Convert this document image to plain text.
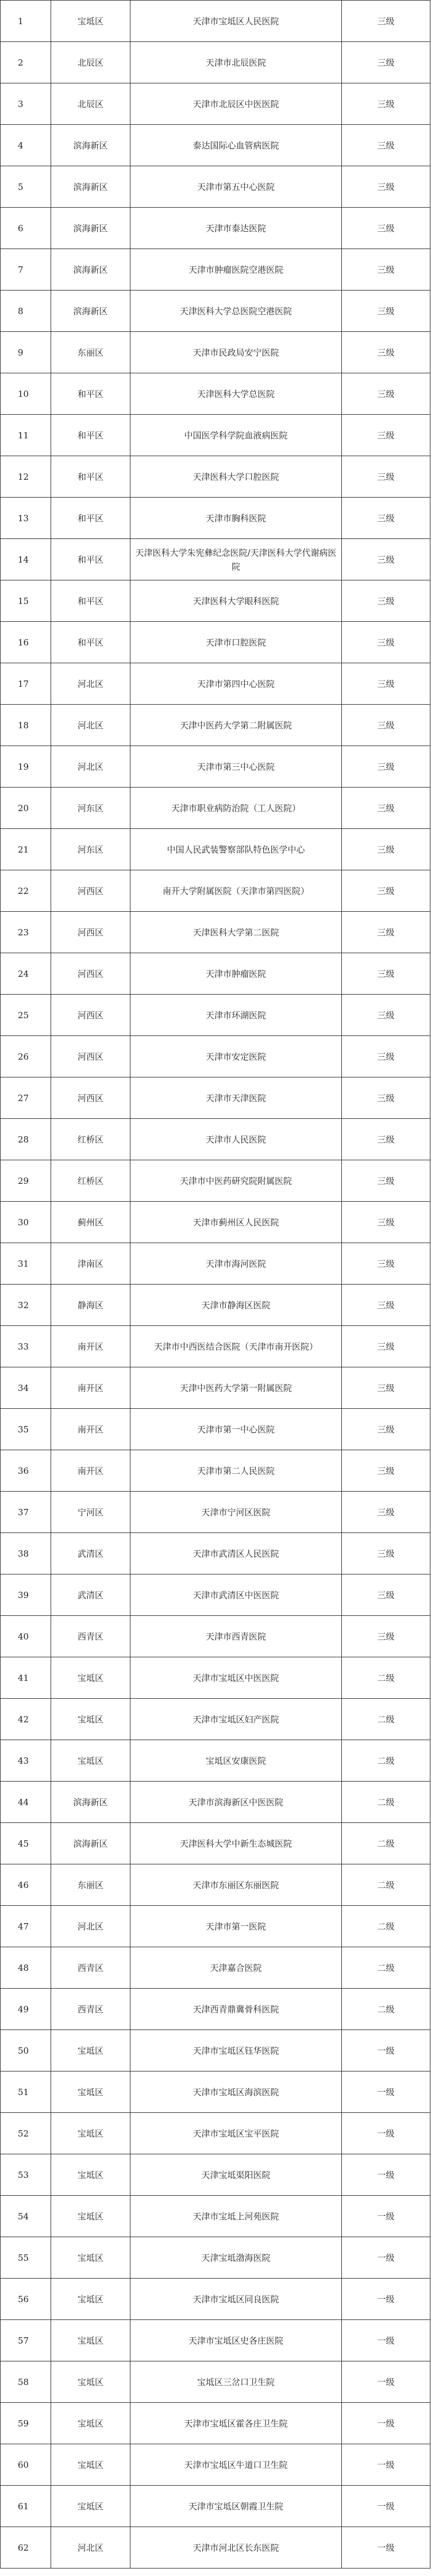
1	宝坻区	天津市宝坻区人民医院	三级
2	北辰区	天津市北辰医院	三级
3	北辰区	天津市北辰区中医医院	三级
4	滨海新区	泰达国际心血管病医院	三级
5	滨海新区	天津市第五中心医院	三级
6	滨海新区	天津市泰达医院	三级
7	滨海新区	天津市肿瘤医院空港医院	三级
8	滨海新区	天津医科大学总医院空港医院	三级
9	东丽区	天津市民政局安宁医院	三级
10	和平区	天津医科大学总医院	三级
11	和平区	中国医学科学院血液病医院	三级
12	和平区	天津医科大学口腔医院	三级
13	和平区	天津市胸科医院	三级
14	和平区	天津医科大学朱宪彝纪念医院/天津医科大学代谢病医院	三级
15	和平区	天津医科大学眼科医院	三级
16	和平区	天津市口腔医院	三级
17	河北区	天津市第四中心医院	三级
18	河北区	天津中医药大学第二附属医院	三级
19	河北区	天津市第三中心医院	三级
20	河东区	天津市职业病防治院（工人医院）	三级
21	河东区	中国人民武装警察部队特色医学中心	三级
22	河西区	南开大学附属医院（天津市第四医院）	三级
23	河西区	天津医科大学第二医院	三级
24	河西区	天津市肿瘤医院	三级
25	河西区	天津市环湖医院	三级
26	河西区	天津市安定医院	三级
27	河西区	天津市天津医院	三级
28	红桥区	天津市人民医院	三级
29	红桥区	天津市中医药研究院附属医院	三级
30	蓟州区	天津市蓟州区人民医院	三级
31	津南区	天津市海河医院	三级
32	静海区	天津市静海区医院	三级
33	南开区	天津市中西医结合医院（天津市南开医院）	三级
34	南开区	天津中医药大学第一附属医院	三级
35	南开区	天津市第一中心医院	三级
36	南开区	天津市第二人民医院	三级
37	宁河区	天津市宁河区医院	三级
38	武清区	天津市武清区人民医院	三级
39	武清区	天津市武清区中医医院	三级
40	西青区	天津市西青医院	三级
41	宝坻区	天津市宝坻区中医医院	二级
42	宝坻区	天津市宝坻区妇产医院	二级
43	宝坻区	宝坻区安康医院	二级
44	滨海新区	天津市滨海新区中医医院	二级
45	滨海新区	天津医科大学中新生态城医院	二级
46	东丽区	天津市东丽区东丽医院	二级
47	河北区	天津市第一医院	二级
48	西青区	天津嘉合医院	二级
49	西青区	天津西青鼎冀骨科医院	二级
50	宝坻区	天津市宝坻区钰华医院	一级
51	宝坻区	天津市宝坻区海滨医院	一级
52	宝坻区	天津市宝坻区宝平医院	一级
53	宝坻区	天津宝坻渠阳医院	一级
54	宝坻区	天津市宝坻上河苑医院	一级
55	宝坻区	天津宝坻渤海医院	一级
56	宝坻区	天津市宝坻区同良医院	一级
57	宝坻区	天津市宝坻区史各庄医院	一级
58	宝坻区	宝坻区三岔口卫生院	一级
59	宝坻区	天津市宝坻区霍各庄卫生院	一级
60	宝坻区	天津市宝坻区牛道口卫生院	一级
61	宝坻区	天津市宝坻区朝霞卫生院	一级
62	河北区	天津市河北区长东医院	一级
